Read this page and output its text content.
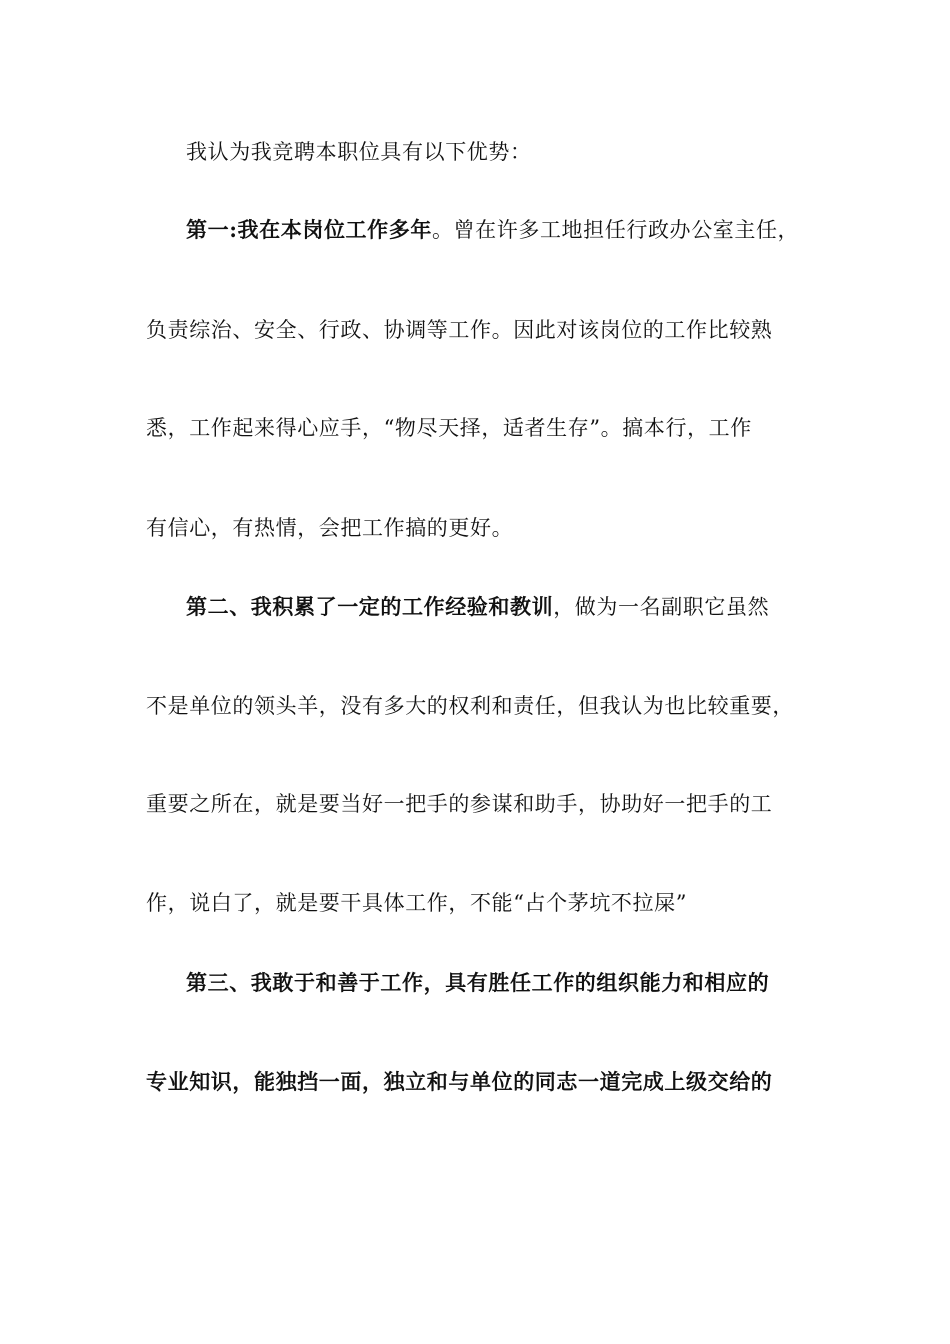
我认为我竞聘本职位具有以下优势：
第一:我在本岗位工作多年。曾在许多工地担任行政办公室主任，
负责综治、安全、行政、协调等工作。因此对该岗位的工作比较熟
悉，工作起来得心应手，“物尽天择，适者生存”。搞本行，工作
有信心，有热情，会把工作搞的更好。
第二、我积累了一定的工作经验和教训，做为一名副职它虽然
不是单位的领头羊，没有多大的权利和责任，但我认为也比较重要，
重要之所在，就是要当好一把手的参谋和助手，协助好一把手的工
作，说白了，就是要干具体工作，不能“占个茅坑不拉屎”
第三、我敢于和善于工作，具有胜任工作的组织能力和相应的
专业知识，能独挡一面，独立和与单位的同志一道完成上级交给的
